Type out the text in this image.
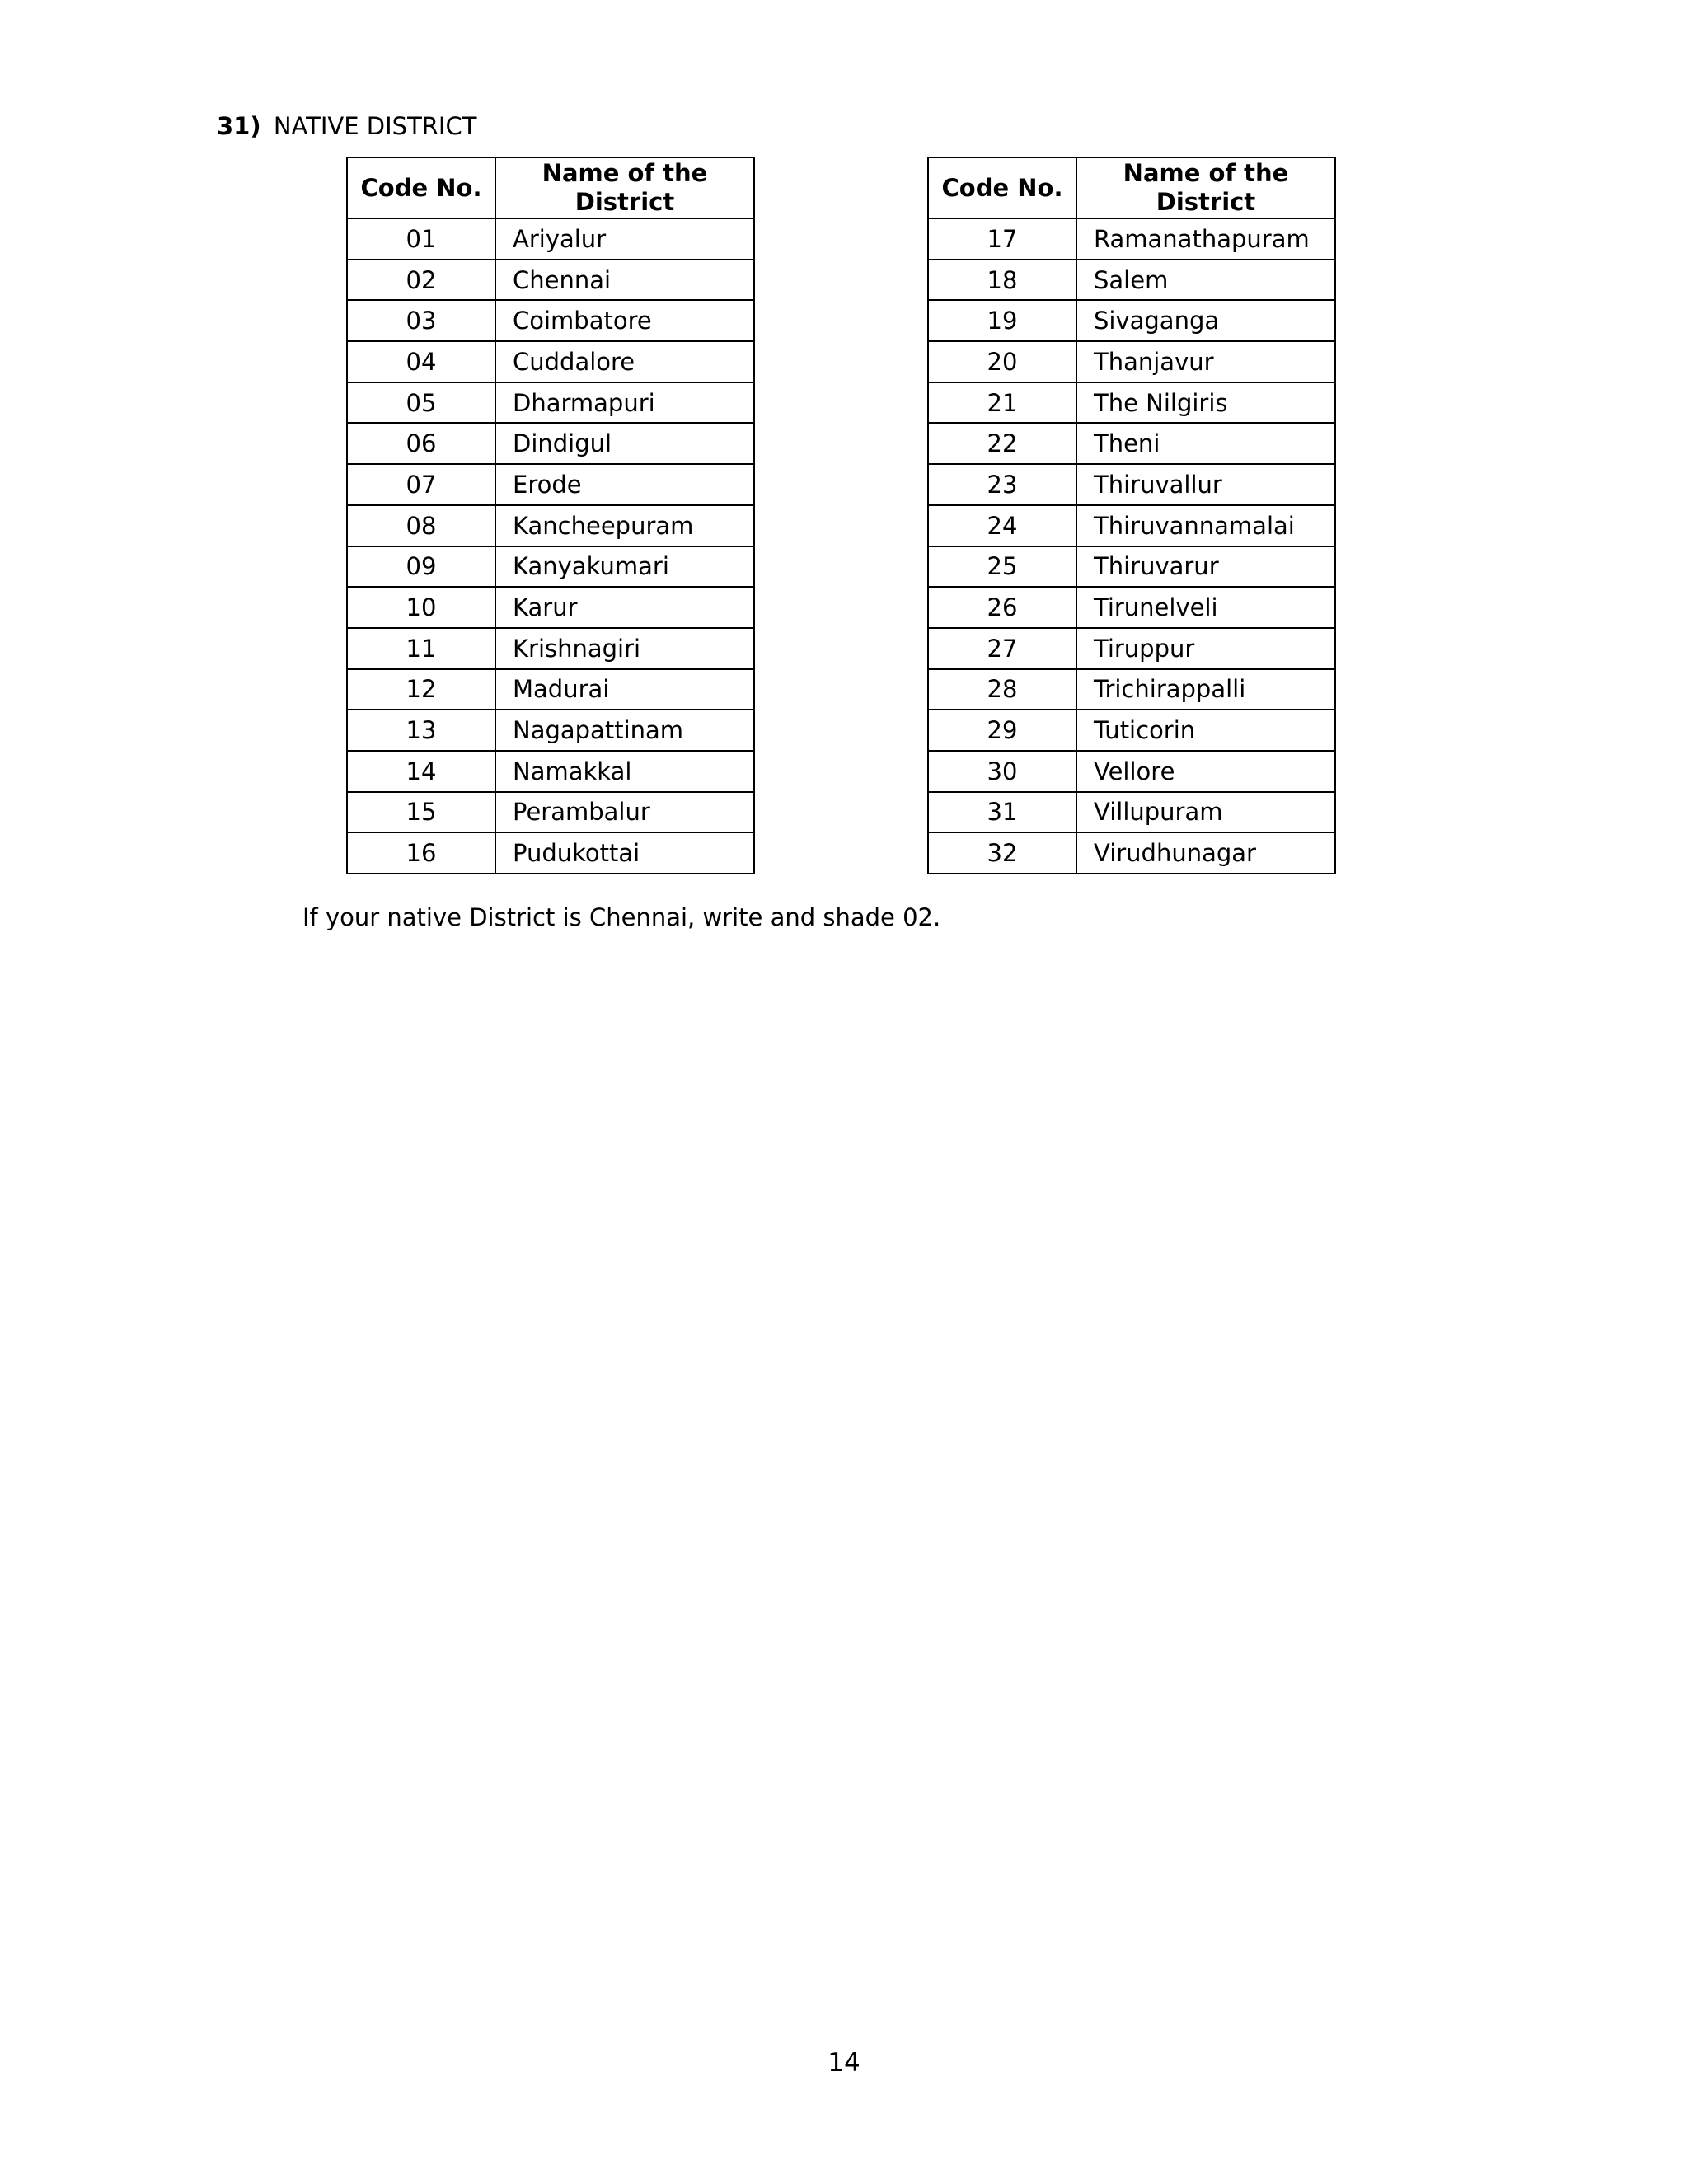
31) NATIVE DISTRICT
Code No.	Name of the District
01	Ariyalur
02	Chennai
03	Coimbatore
04	Cuddalore
05	Dharmapuri
06	Dindigul
07	Erode
08	Kancheepuram
09	Kanyakumari
10	Karur
11	Krishnagiri
12	Madurai
13	Nagapattinam
14	Namakkal
15	Perambalur
16	Pudukottai
Code No.	Name of the District
17	Ramanathapuram
18	Salem
19	Sivaganga
20	Thanjavur
21	The Nilgiris
22	Theni
23	Thiruvallur
24	Thiruvannamalai
25	Thiruvarur
26	Tirunelveli
27	Tiruppur
28	Trichirappalli
29	Tuticorin
30	Vellore
31	Villupuram
32	Virudhunagar
If your native District is Chennai, write and shade 02.
14
